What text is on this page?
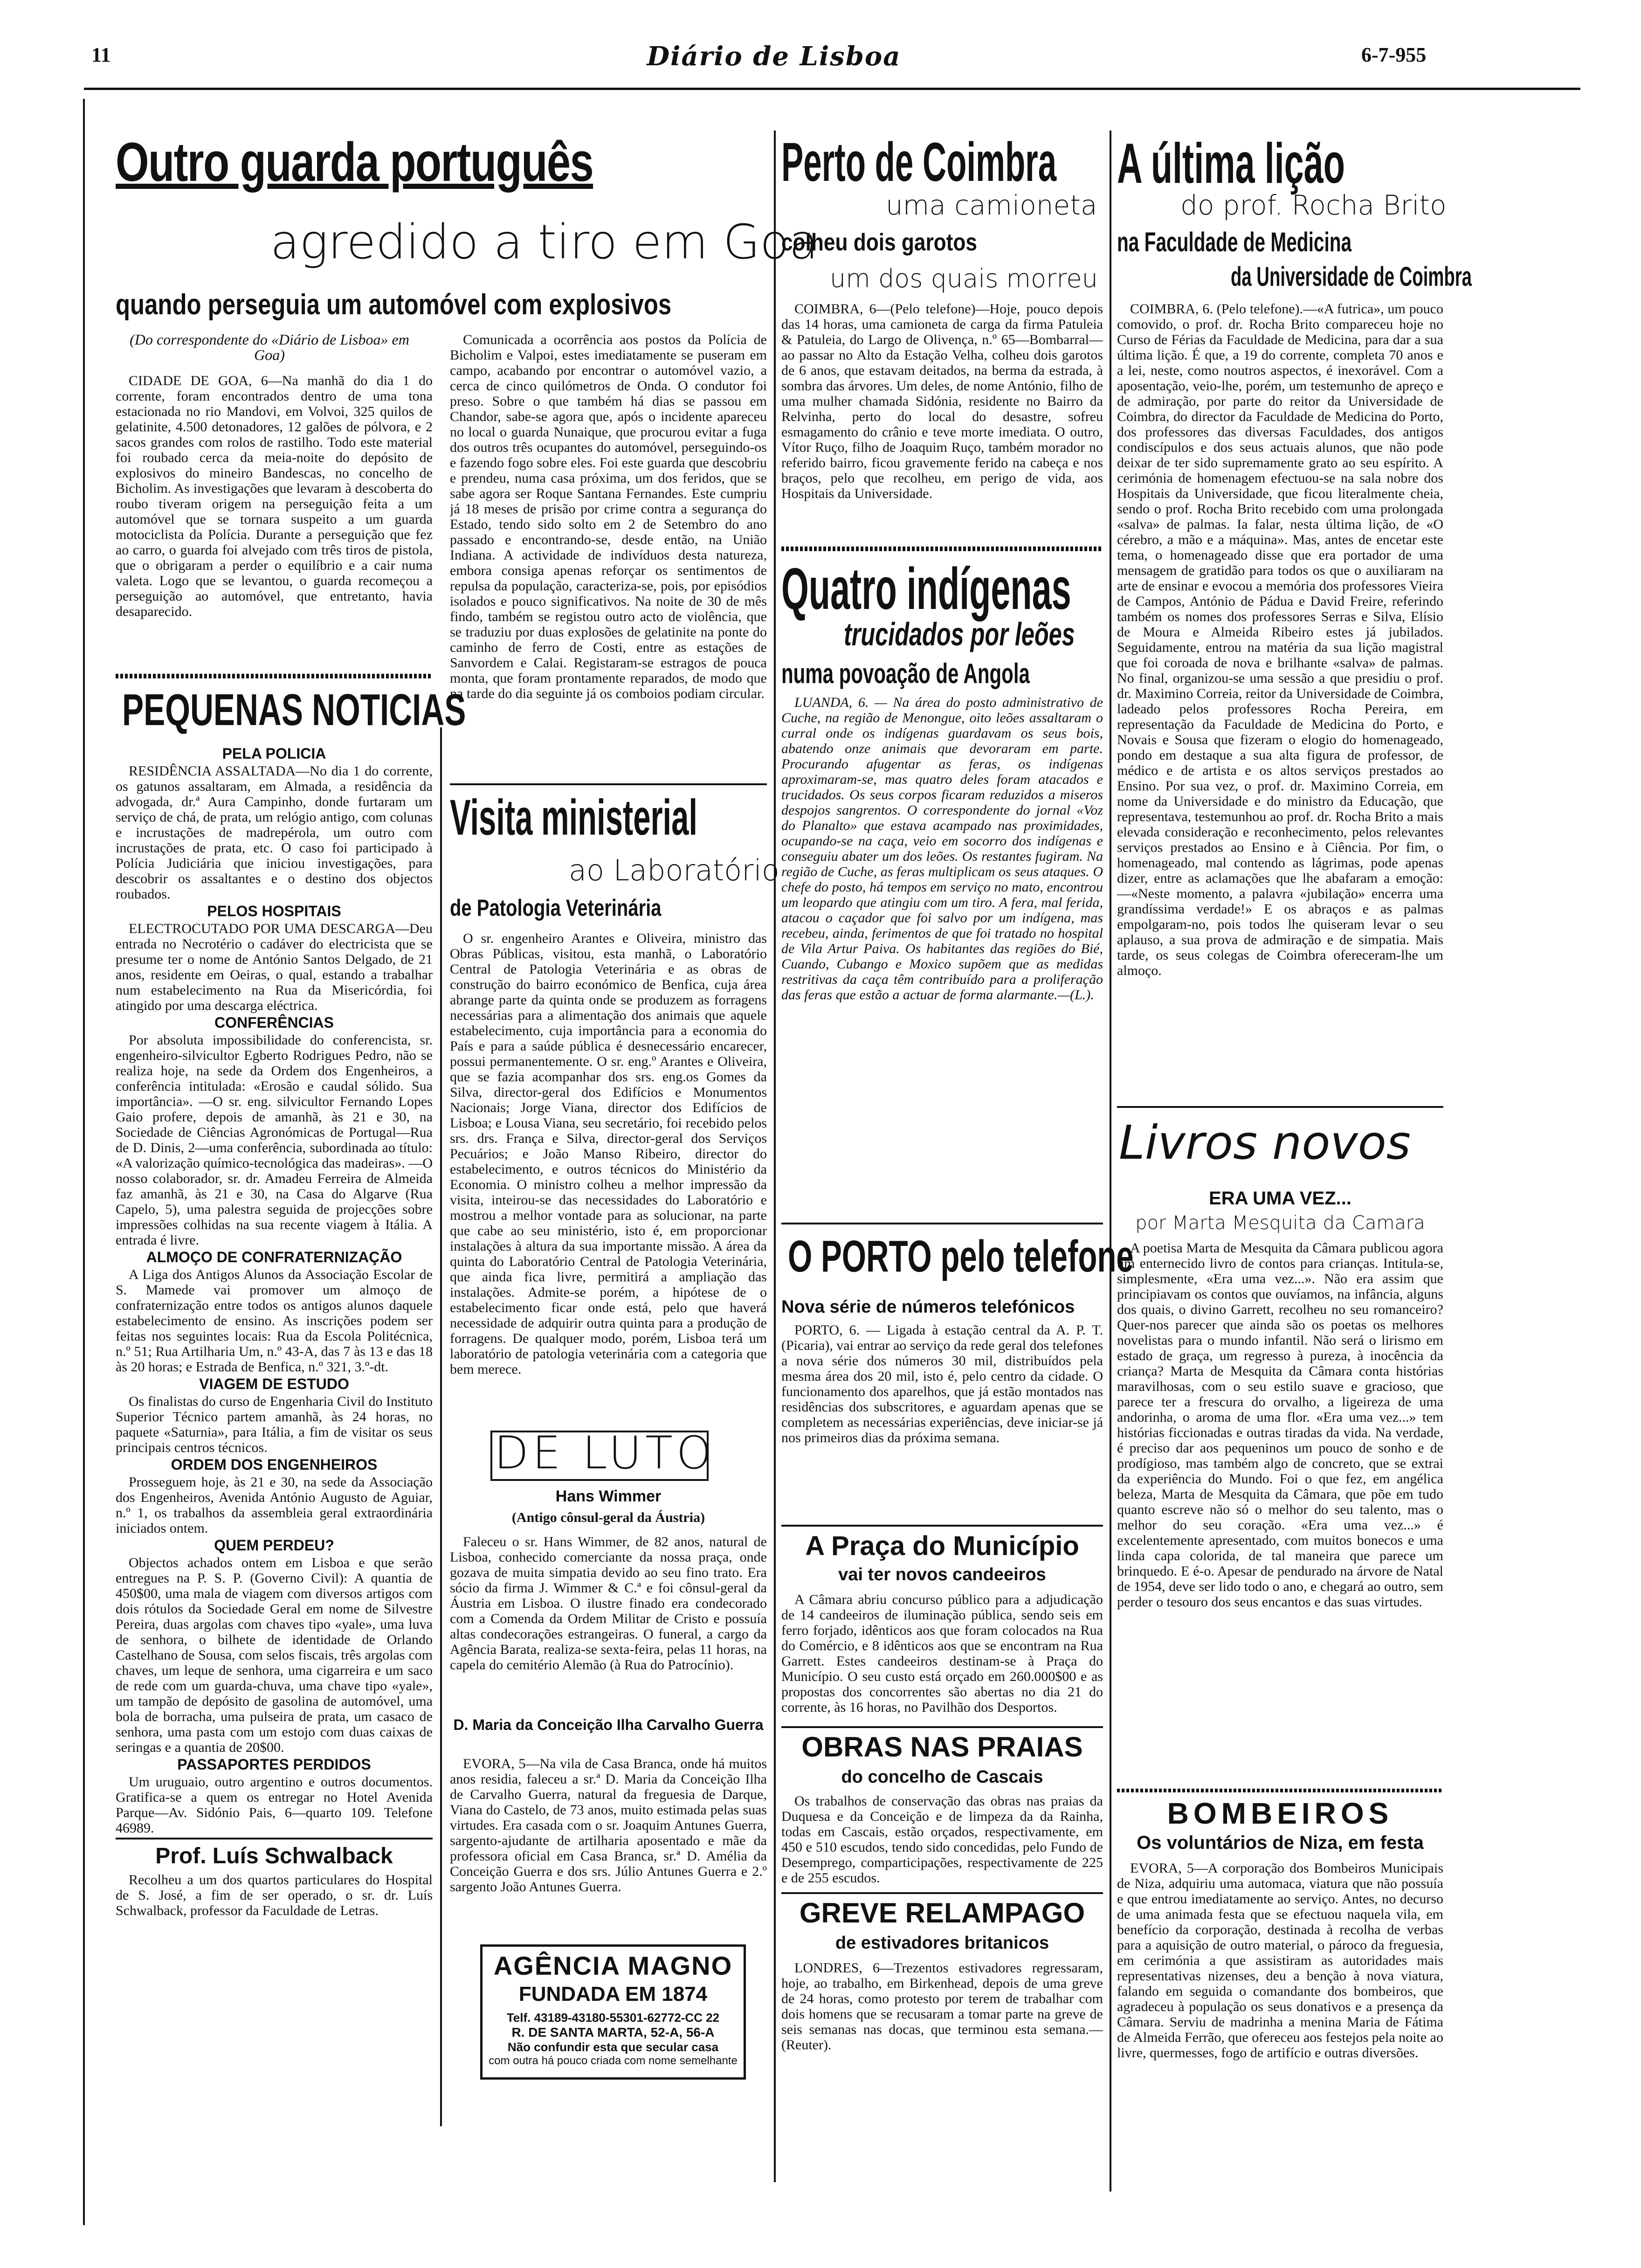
11	Diário de Lisboa	6-7-955
Outro guarda português
agredido a tiro em Goa
quando perseguia um automóvel com explosivos

(Do correspondente do «Diário de Lisboa» em Goa)

CIDADE DE GOA, 6—Na manhã do dia 1 do corrente, foram encontrados dentro de uma tona estacionada no rio Mandovi, em Volvoi, 325 quilos de gelatinite, 4.500 detonadores, 12 galões de pólvora, e 2 sacos grandes com rolos de rastilho. Todo este material foi roubado cerca da meia-noite do depósito de explosivos do mineiro Bandescas, no concelho de Bicholim. As investigações que levaram à descoberta do roubo tiveram origem na perseguição feita a um automóvel que se tornara suspeito a um guarda motociclista da Polícia. Durante a perseguição que fez ao carro, o guarda foi alvejado com três tiros de pistola, que o obrigaram a perder o equilíbrio e a cair numa valeta. Logo que se levantou, o guarda recomeçou a perseguição ao automóvel, que entretanto, havia desaparecido.

Comunicada a ocorrência aos postos da Polícia de Bicholim e Valpoi, estes imediatamente se puseram em campo, acabando por encontrar o automóvel vazio, a cerca de cinco quilómetros de Onda. O condutor foi preso. Sobre o que também há dias se passou em Chandor, sabe-se agora que, após o incidente apareceu no local o guarda Nunaique, que procurou evitar a fuga dos outros três ocupantes do automóvel, perseguindo-os e fazendo fogo sobre eles. Foi este guarda que descobriu e prendeu, numa casa próxima, um dos feridos, que se sabe agora ser Roque Santana Fernandes. Este cumpriu já 18 meses de prisão por crime contra a segurança do Estado, tendo sido solto em 2 de Setembro do ano passado e encontrando-se, desde então, na União Indiana. A actividade de indivíduos desta natureza, embora consiga apenas reforçar os sentimentos de repulsa da população, caracteriza-se, pois, por episódios isolados e pouco significativos. Na noite de 30 de mês findo, também se registou outro acto de violência, que se traduziu por duas explosões de gelatinite na ponte do caminho de ferro de Costi, entre as estações de Sanvordem e Calai. Registaram-se estragos de pouca monta, que foram prontamente reparados, de modo que na tarde do dia seguinte já os comboios podiam circular.

PEQUENAS NOTICIAS

PELA POLICIA

RESIDÊNCIA ASSALTADA—No dia 1 do corrente, os gatunos assaltaram, em Almada, a residência da advogada, dr.ª Aura Campinho, donde furtaram um serviço de chá, de prata, um relógio antigo, com colunas e incrustações de madrepérola, um outro com incrustações de prata, etc. O caso foi participado à Polícia Judiciária que iniciou investigações, para descobrir os assaltantes e o destino dos objectos roubados.

PELOS HOSPITAIS

ELECTROCUTADO POR UMA DESCARGA—Deu entrada no Necrotério o cadáver do electricista que se presume ter o nome de António Santos Delgado, de 21 anos, residente em Oeiras, o qual, estando a trabalhar num estabelecimento na Rua da Misericórdia, foi atingido por uma descarga eléctrica.

CONFERÊNCIAS

Por absoluta impossibilidade do conferencista, sr. engenheiro-silvicultor Egberto Rodrigues Pedro, não se realiza hoje, na sede da Ordem dos Engenheiros, a conferência intitulada: «Erosão e caudal sólido. Sua importância». —O sr. eng. silvicultor Fernando Lopes Gaio profere, depois de amanhã, às 21 e 30, na Sociedade de Ciências Agronómicas de Portugal—Rua de D. Dinis, 2—uma conferência, subordinada ao título: «A valorização químico-tecnológica das madeiras». —O nosso colaborador, sr. dr. Amadeu Ferreira de Almeida faz amanhã, às 21 e 30, na Casa do Algarve (Rua Capelo, 5), uma palestra seguida de projecções sobre impressões colhidas na sua recente viagem à Itália. A entrada é livre.

ALMOÇO DE CONFRATERNIZAÇÃO

A Liga dos Antigos Alunos da Associação Escolar de S. Mamede vai promover um almoço de confraternização entre todos os antigos alunos daquele estabelecimento de ensino. As inscrições podem ser feitas nos seguintes locais: Rua da Escola Politécnica, n.º 51; Rua Artilharia Um, n.º 43-A, das 7 às 13 e das 18 às 20 horas; e Estrada de Benfica, n.º 321, 3.º-dt.

VIAGEM DE ESTUDO

Os finalistas do curso de Engenharia Civil do Instituto Superior Técnico partem amanhã, às 24 horas, no paquete «Saturnia», para Itália, a fim de visitar os seus principais centros técnicos.

ORDEM DOS ENGENHEIROS

Prosseguem hoje, às 21 e 30, na sede da Associação dos Engenheiros, Avenida António Augusto de Aguiar, n.º 1, os trabalhos da assembleia geral extraordinária iniciados ontem.

QUEM PERDEU?

Objectos achados ontem em Lisboa e que serão entregues na P. S. P. (Governo Civil): A quantia de 450$00, uma mala de viagem com diversos artigos com dois rótulos da Sociedade Geral em nome de Silvestre Pereira, duas argolas com chaves tipo «yale», uma luva de senhora, o bilhete de identidade de Orlando Castelhano de Sousa, com selos fiscais, três argolas com chaves, um leque de senhora, uma cigarreira e um saco de rede com um guarda-chuva, uma chave tipo «yale», um tampão de depósito de gasolina de automóvel, uma bola de borracha, uma pulseira de prata, um casaco de senhora, uma pasta com um estojo com duas caixas de seringas e a quantia de 20$00.

PASSAPORTES PERDIDOS

Um uruguaio, outro argentino e outros documentos. Gratifica-se a quem os entregar no Hotel Avenida Parque—Av. Sidónio Pais, 6—quarto 109. Telefone 46989.

Prof. Luís Schwalback

Recolheu a um dos quartos particulares do Hospital de S. José, a fim de ser operado, o sr. dr. Luís Schwalback, professor da Faculdade de Letras.

Visita ministerial
ao Laboratório
de Patologia Veterinária

O sr. engenheiro Arantes e Oliveira, ministro das Obras Públicas, visitou, esta manhã, o Laboratório Central de Patologia Veterinária e as obras de construção do bairro económico de Benfica, cuja área abrange parte da quinta onde se produzem as forragens necessárias para a alimentação dos animais que aquele estabelecimento, cuja importância para a economia do País e para a saúde pública é desnecessário encarecer, possui permanentemente. O sr. eng.º Arantes e Oliveira, que se fazia acompanhar dos srs. eng.os Gomes da Silva, director-geral dos Edifícios e Monumentos Nacionais; Jorge Viana, director dos Edifícios de Lisboa; e Lousa Viana, seu secretário, foi recebido pelos srs. drs. França e Silva, director-geral dos Serviços Pecuários; e João Manso Ribeiro, director do estabelecimento, e outros técnicos do Ministério da Economia. O ministro colheu a melhor impressão da visita, inteirou-se das necessidades do Laboratório e mostrou a melhor vontade para as solucionar, na parte que cabe ao seu ministério, isto é, em proporcionar instalações à altura da sua importante missão. A área da quinta do Laboratório Central de Patologia Veterinária, que ainda fica livre, permitirá a ampliação das instalações. Admite-se porém, a hipótese de o estabelecimento ficar onde está, pelo que haverá necessidade de adquirir outra quinta para a produção de forragens. De qualquer modo, porém, Lisboa terá um laboratório de patologia veterinária com a categoria que bem merece.

DE LUTO
Hans Wimmer
(Antigo cônsul-geral da Áustria)

Faleceu o sr. Hans Wimmer, de 82 anos, natural de Lisboa, conhecido comerciante da nossa praça, onde gozava de muita simpatia devido ao seu fino trato. Era sócio da firma J. Wimmer & C.ª e foi cônsul-geral da Áustria em Lisboa. O ilustre finado era condecorado com a Comenda da Ordem Militar de Cristo e possuía altas condecorações estrangeiras. O funeral, a cargo da Agência Barata, realiza-se sexta-feira, pelas 11 horas, na capela do cemitério Alemão (à Rua do Patrocínio).

D. Maria da Conceição Ilha Carvalho Guerra

EVORA, 5—Na vila de Casa Branca, onde há muitos anos residia, faleceu a sr.ª D. Maria da Conceição Ilha de Carvalho Guerra, natural da freguesia de Darque, Viana do Castelo, de 73 anos, muito estimada pelas suas virtudes. Era casada com o sr. Joaquim Antunes Guerra, sargento-ajudante de artilharia aposentado e mãe da professora oficial em Casa Branca, sr.ª D. Amélia da Conceição Guerra e dos srs. Júlio Antunes Guerra e 2.º sargento João Antunes Guerra.

AGÊNCIA MAGNO
FUNDADA EM 1874
Telf. 43189-43180-55301-62772-CC 22
R. DE SANTA MARTA, 52-A, 56-A
Não confundir esta que secular casa
com outra há pouco criada com nome semelhante
Perto de Coimbra
uma camioneta
colheu dois garotos
um dos quais morreu

COIMBRA, 6—(Pelo telefone)—Hoje, pouco depois das 14 horas, uma camioneta de carga da firma Patuleia & Patuleia, do Largo de Olivença, n.º 65—Bombarral—ao passar no Alto da Estação Velha, colheu dois garotos de 6 anos, que estavam deitados, na berma da estrada, à sombra das árvores. Um deles, de nome António, filho de uma mulher chamada Sidónia, residente no Bairro da Relvinha, perto do local do desastre, sofreu esmagamento do crânio e teve morte imediata. O outro, Vítor Ruço, filho de Joaquim Ruço, também morador no referido bairro, ficou gravemente ferido na cabeça e nos braços, pelo que recolheu, em perigo de vida, aos Hospitais da Universidade.

Quatro indígenas
trucidados por leões
numa povoação de Angola

LUANDA, 6. — Na área do posto administrativo de Cuche, na região de Menongue, oito leões assaltaram o curral onde os indígenas guardavam os seus bois, abatendo onze animais que devoraram em parte. Procurando afugentar as feras, os indígenas aproximaram-se, mas quatro deles foram atacados e trucidados. Os seus corpos ficaram reduzidos a miseros despojos sangrentos. O correspondente do jornal «Voz do Planalto» que estava acampado nas proximidades, ocupando-se na caça, veio em socorro dos indígenas e conseguiu abater um dos leões. Os restantes fugiram. Na região de Cuche, as feras multiplicam os seus ataques. O chefe do posto, há tempos em serviço no mato, encontrou um leopardo que atingiu com um tiro. A fera, mal ferida, atacou o caçador que foi salvo por um indígena, mas recebeu, ainda, ferimentos de que foi tratado no hospital de Vila Artur Paiva. Os habitantes das regiões do Bié, Cuando, Cubango e Moxico supõem que as medidas restritivas da caça têm contribuído para a proliferação das feras que estão a actuar de forma alarmante.—(L.).

O PORTO pelo telefone
Nova série de números telefónicos

PORTO, 6. — Ligada à estação central da A. P. T. (Picaria), vai entrar ao serviço da rede geral dos telefones a nova série dos números 30 mil, distribuídos pela mesma área dos 20 mil, isto é, pelo centro da cidade. O funcionamento dos aparelhos, que já estão montados nas residências dos subscritores, e aguardam apenas que se completem as necessárias experiências, deve iniciar-se já nos primeiros dias da próxima semana.

A Praça do Município
vai ter novos candeeiros

A Câmara abriu concurso público para a adjudicação de 14 candeeiros de iluminação pública, sendo seis em ferro forjado, idênticos aos que foram colocados na Rua do Comércio, e 8 idênticos aos que se encontram na Rua Garrett. Estes candeeiros destinam-se à Praça do Município. O seu custo está orçado em 260.000$00 e as propostas dos concorrentes são abertas no dia 21 do corrente, às 16 horas, no Pavilhão dos Desportos.

OBRAS NAS PRAIAS
do concelho de Cascais

Os trabalhos de conservação das obras nas praias da Duquesa e da Conceição e de limpeza da da Rainha, todas em Cascais, estão orçados, respectivamente, em 450 e 510 escudos, tendo sido concedidas, pelo Fundo de Desemprego, comparticipações, respectivamente de 225 e de 255 escudos.

GREVE RELAMPAGO
de estivadores britanicos

LONDRES, 6—Trezentos estivadores regressaram, hoje, ao trabalho, em Birkenhead, depois de uma greve de 24 horas, como protesto por terem de trabalhar com dois homens que se recusaram a tomar parte na greve de seis semanas nas docas, que terminou esta semana.—(Reuter).

A última lição
do prof. Rocha Brito
na Faculdade de Medicina
da Universidade de Coimbra

COIMBRA, 6. (Pelo telefone).—«A futrica», um pouco comovido, o prof. dr. Rocha Brito compareceu hoje no Curso de Férias da Faculdade de Medicina, para dar a sua última lição. É que, a 19 do corrente, completa 70 anos e a lei, neste, como noutros aspectos, é inexorável. Com a aposentação, veio-lhe, porém, um testemunho de apreço e de admiração, por parte do reitor da Universidade de Coimbra, do director da Faculdade de Medicina do Porto, dos professores das diversas Faculdades, dos antigos condiscípulos e dos seus actuais alunos, que não pode deixar de ter sido supremamente grato ao seu espírito. A cerimónia de homenagem efectuou-se na sala nobre dos Hospitais da Universidade, que ficou literalmente cheia, sendo o prof. Rocha Brito recebido com uma prolongada «salva» de palmas. Ia falar, nesta última lição, de «O cérebro, a mão e a máquina». Mas, antes de encetar este tema, o homenageado disse que era portador de uma mensagem de gratidão para todos os que o auxiliaram na arte de ensinar e evocou a memória dos professores Vieira de Campos, António de Pádua e David Freire, referindo também os nomes dos professores Serras e Silva, Elísio de Moura e Almeida Ribeiro estes já jubilados. Seguidamente, entrou na matéria da sua lição magistral que foi coroada de nova e brilhante «salva» de palmas. No final, organizou-se uma sessão a que presidiu o prof. dr. Maximino Correia, reitor da Universidade de Coimbra, ladeado pelos professores Rocha Pereira, em representação da Faculdade de Medicina do Porto, e Novais e Sousa que fizeram o elogio do homenageado, pondo em destaque a sua alta figura de professor, de médico e de artista e os altos serviços prestados ao Ensino. Por sua vez, o prof. dr. Maximino Correia, em nome da Universidade e do ministro da Educação, que representava, testemunhou ao prof. dr. Rocha Brito a mais elevada consideração e reconhecimento, pelos relevantes serviços prestados ao Ensino e à Ciência. Por fim, o homenageado, mal contendo as lágrimas, pode apenas dizer, entre as aclamações que lhe abafaram a emoção: —«Neste momento, a palavra «jubilação» encerra uma grandíssima verdade!» E os abraços e as palmas empolgaram-no, pois todos lhe quiseram levar o seu aplauso, a sua prova de admiração e de simpatia. Mais tarde, os seus colegas de Coimbra ofereceram-lhe um almoço.

Livros novos
ERA UMA VEZ...
por Marta Mesquita da Camara

A poetisa Marta de Mesquita da Câmara publicou agora um enternecido livro de contos para crianças. Intitula-se, simplesmente, «Era uma vez...». Não era assim que principiavam os contos que ouvíamos, na infância, alguns dos quais, o divino Garrett, recolheu no seu romanceiro? Quer-nos parecer que ainda são os poetas os melhores novelistas para o mundo infantil. Não será o lirismo em estado de graça, um regresso à pureza, à inocência da criança? Marta de Mesquita da Câmara conta histórias maravilhosas, com o seu estilo suave e gracioso, que parece ter a frescura do orvalho, a ligeireza de uma andorinha, o aroma de uma flor. «Era uma vez...» tem histórias ficcionadas e outras tiradas da vida. Na verdade, é preciso dar aos pequeninos um pouco de sonho e de prodígioso, mas também algo de concreto, que se extrai da experiência do Mundo. Foi o que fez, em angélica beleza, Marta de Mesquita da Câmara, que põe em tudo quanto escreve não só o melhor do seu talento, mas o melhor do seu coração. «Era uma vez...» é excelentemente apresentado, com muitos bonecos e uma linda capa colorida, de tal maneira que parece um brinquedo. E é-o. Apesar de pendurado na árvore de Natal de 1954, deve ser lido todo o ano, e chegará ao outro, sem perder o tesouro dos seus encantos e das suas virtudes.

BOMBEIROS
Os voluntários de Niza, em festa

EVORA, 5—A corporação dos Bombeiros Municipais de Niza, adquiriu uma automaca, viatura que não possuía e que entrou imediatamente ao serviço. Antes, no decurso de uma animada festa que se efectuou naquela vila, em benefício da corporação, destinada à recolha de verbas para a aquisição de outro material, o pároco da freguesia, em cerimónia a que assistiram as autoridades mais representativas nizenses, deu a benção à nova viatura, falando em seguida o comandante dos bombeiros, que agradeceu à população os seus donativos e a presença da Câmara. Serviu de madrinha a menina Maria de Fátima de Almeida Ferrão, que ofereceu aos festejos pela noite ao livre, quermesses, fogo de artifício e outras diversões.
